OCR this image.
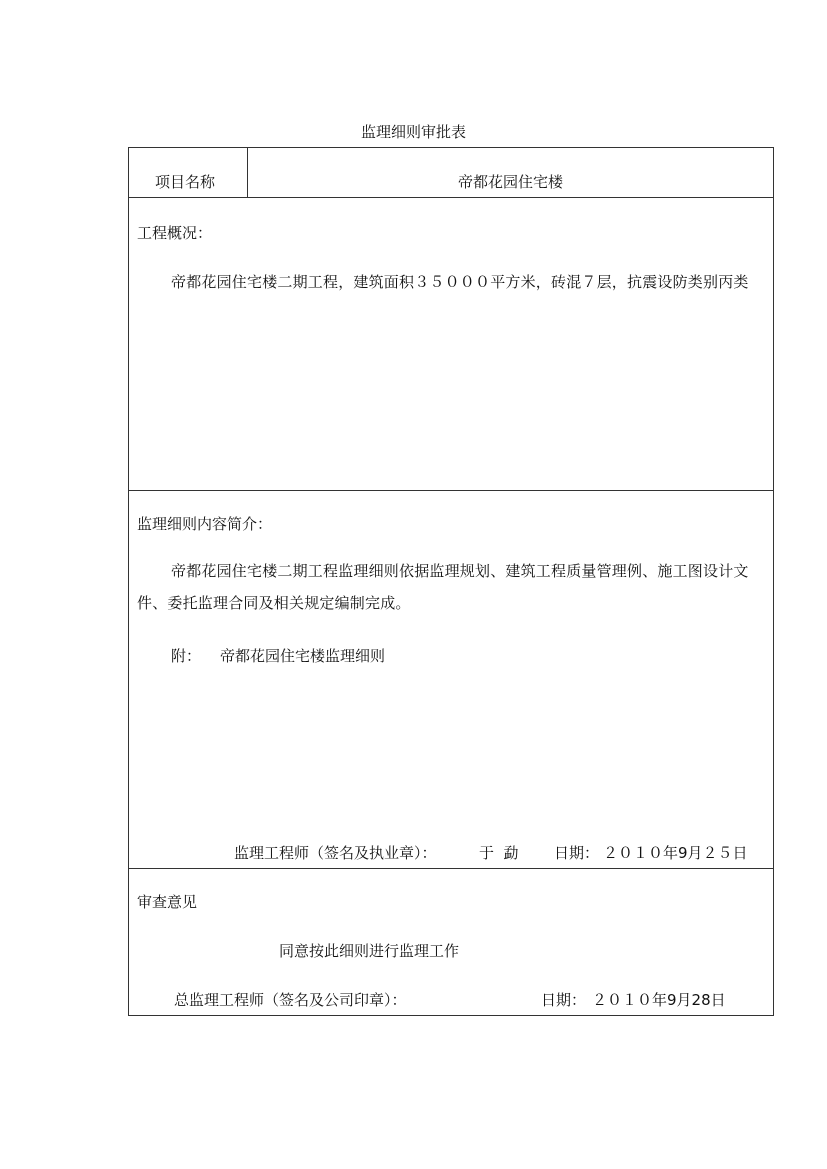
监理细则审批表
项目名称	帝都花园住宅楼
工程概况：
帝都花园住宅楼二期工程，建筑面积３５０００平方米，砖混７层，抗震设防类别丙类
监理细则内容简介：
帝都花园住宅楼二期工程监理细则依据监理规划、建筑工程质量管理例、施工图设计文件、委托监理合同及相关规定编制完成。
附： 帝都花园住宅楼监理细则
监理工程师（签名及执业章）：	于  勐 日期： ２０１０年9月２５日
审查意见
同意按此细则进行监理工作
总监理工程师（签名及公司印章）：	日期： ２０１０年9月28日
